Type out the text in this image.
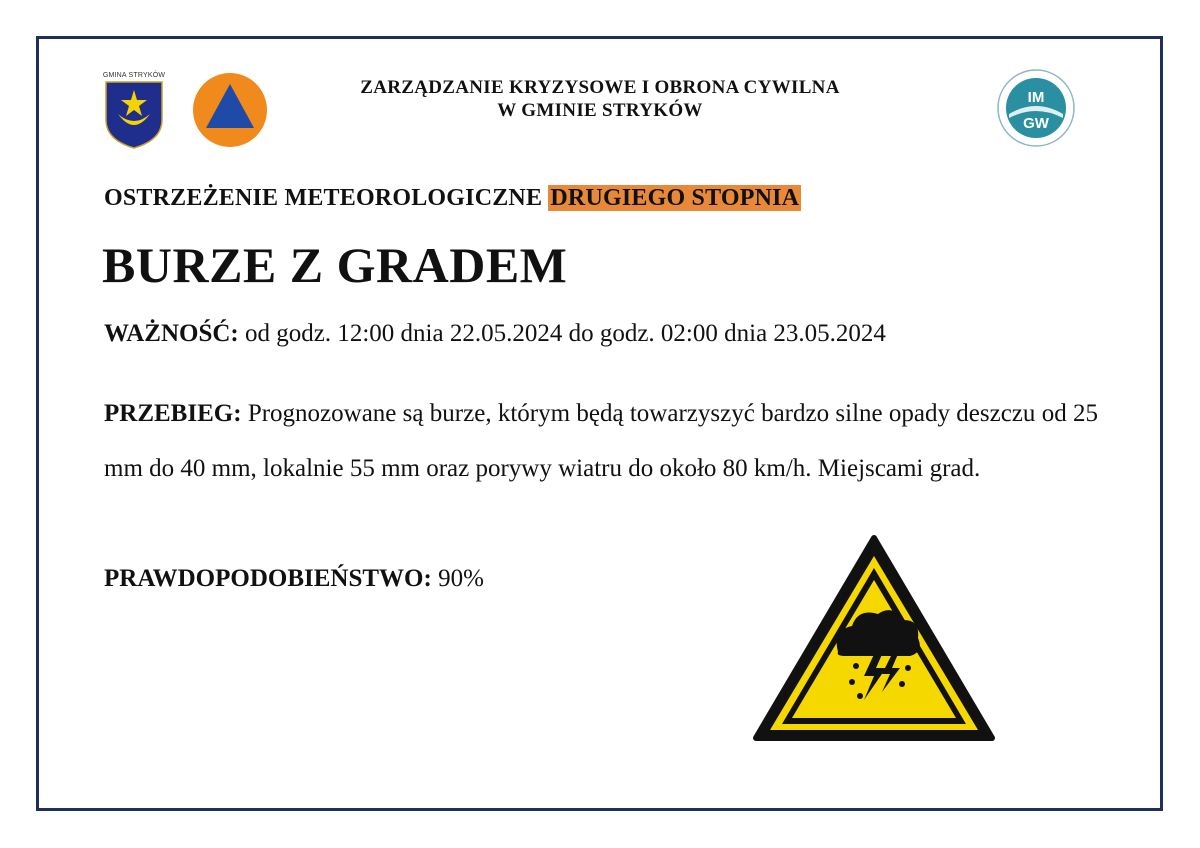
GMINA STRYKÓW
ZARZĄDZANIE KRYZYSOWE I OBRONA CYWILNA
W GMINIE STRYKÓW
IM
GW
OSTRZEŻENIE METEOROLOGICZNE DRUGIEGO STOPNIA
BURZE Z GRADEM
WAŻNOŚĆ: od godz. 12:00 dnia 22.05.2024 do godz. 02:00 dnia 23.05.2024
PRZEBIEG: Prognozowane są burze, którym będą towarzyszyć bardzo silne opady deszczu od 25 mm do 40 mm, lokalnie 55 mm oraz porywy wiatru do około 80 km/h. Miejscami grad.
PRAWDOPODOBIEŃSTWO: 90%
